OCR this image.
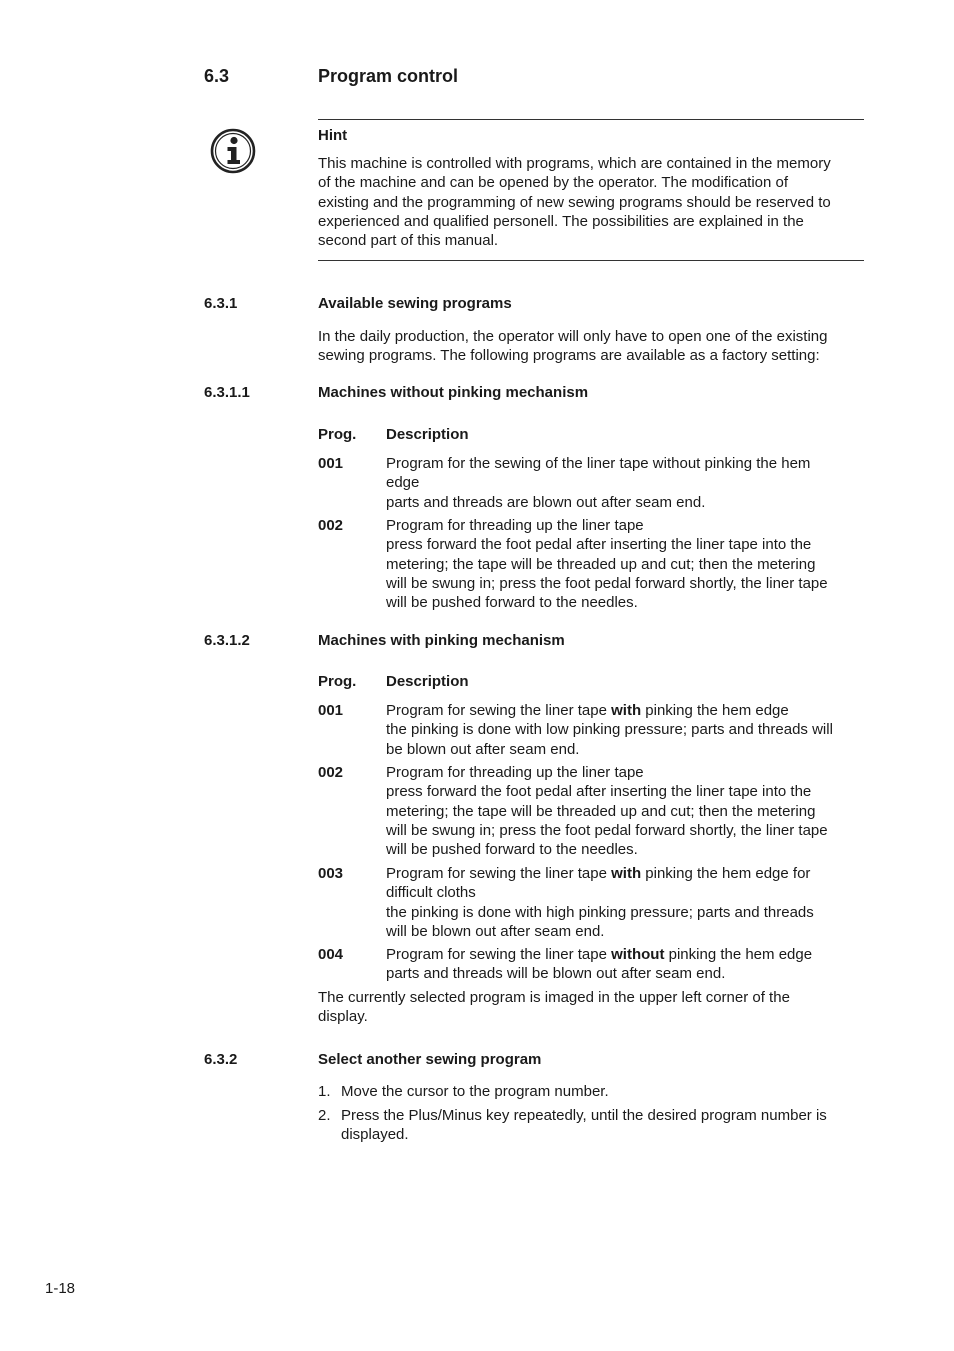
6.3	Program control
Hint
This machine is controlled with programs, which are contained in the memory
of the machine and can be opened by the operator. The modification of
existing and the programming of new sewing programs should be reserved to
experienced and qualified personell. The possibilities are explained in the
second part of this manual.
6.3.1	Available sewing programs
In the daily production, the operator will only have to open one of the existing
sewing programs. The following programs are available as a factory setting:
6.3.1.1	Machines without pinking mechanism
Prog. Description
001	Program for the sewing of the liner tape without pinking the hem
edge
parts and threads are blown out after seam end.
002	Program for threading up the liner tape
press forward the foot pedal after inserting the liner tape into the
metering; the tape will be threaded up and cut; then the metering
will be swung in; press the foot pedal forward shortly, the liner tape
will be pushed forward to the needles.
6.3.1.2	Machines with pinking mechanism
Prog. Description
001	Program for sewing the liner tape with pinking the hem edge
the pinking is done with low pinking pressure; parts and threads will
be blown out after seam end.
002	Program for threading up the liner tape
press forward the foot pedal after inserting the liner tape into the
metering; the tape will be threaded up and cut; then the metering
will be swung in; press the foot pedal forward shortly, the liner tape
will be pushed forward to the needles.
003	Program for sewing the liner tape with pinking the hem edge for
difficult cloths
the pinking is done with high pinking pressure; parts and threads
will be blown out after seam end.
004	Program for sewing the liner tape without pinking the hem edge
parts and threads will be blown out after seam end.
The currently selected program is imaged in the upper left corner of the
display.
6.3.2	Select another sewing program
1. Move the cursor to the program number.
2. Press the Plus/Minus key repeatedly, until the desired program number is
displayed.
1-18
